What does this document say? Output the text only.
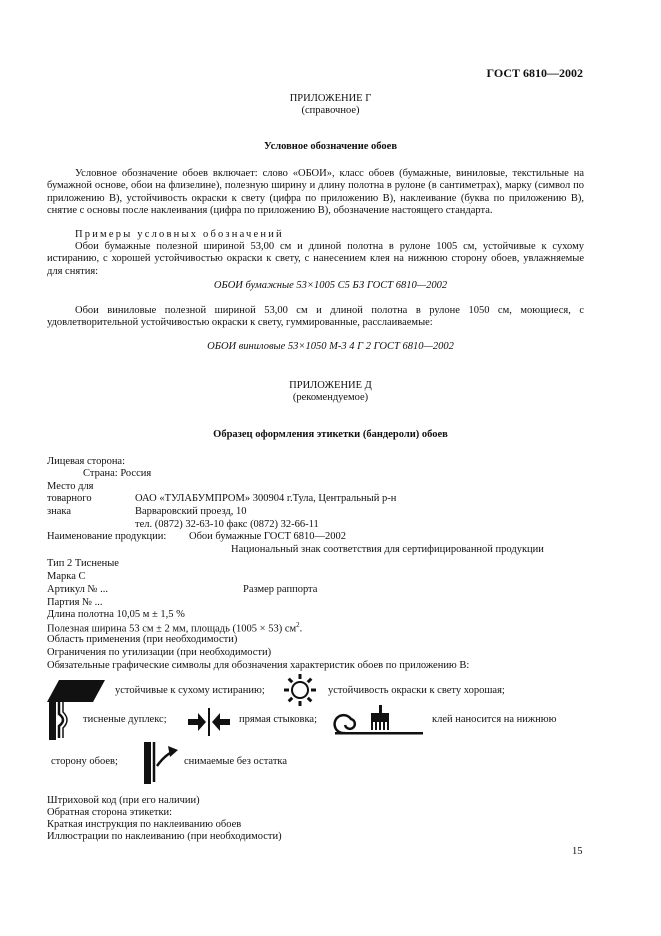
ГОСТ 6810—2002
ПРИЛОЖЕНИЕ Г
(справочное)
Условное обозначение обоев
Условное обозначение обоев включает: слово «ОБОИ», класс обоев (бумажные, виниловые, текстильные на бумажной основе, обои на флизелине), полезную ширину и длину полотна в рулоне (в сантиметрах), марку (символ по приложению В), устойчивость окраски к свету (цифра по приложению В), наклеивание (буква по приложению В), снятие с основы после наклеивания (цифра по приложению В), обозначение настоящего стандарта.
Примеры условных обозначений
Обои бумажные полезной шириной 53,00 см и длиной полотна в рулоне 1005 см, устойчивые к сухому истиранию, с хорошей устойчивостью окраски к свету, с нанесением клея на нижнюю сторону обоев, увлажняемые для снятия:
ОБОИ бумажные 53×1005 С5 БЗ ГОСТ 6810—2002
Обои виниловые полезной шириной 53,00 см и длиной полотна в рулоне 1050 см, моющиеся, с удовлетворительной устойчивостью окраски к свету, гуммированные, расслаиваемые:
ОБОИ виниловые 53×1050 М-3 4 Г 2 ГОСТ 6810—2002
ПРИЛОЖЕНИЕ Д
(рекомендуемое)
Образец оформления этикетки (бандероли) обоев
Лицевая сторона:
Страна: Россия
Место для
товарного	ОАО «ТУЛАБУМПРОМ» 300904 г.Тула, Центральный р-н
знака	Варваровский проезд, 10
тел. (0872) 32-63-10 факс (0872) 32-66-11
Наименование продукции: Обои бумажные ГОСТ 6810—2002
Национальный знак соответствия для сертифицированной продукции
Тип 2 Тисненые
Марка С
Артикул № ...	Размер раппорта
Партия № ...
Длина полотна 10,05 м ± 1,5 %
Полезная ширина 53 см ± 2 мм, площадь (1005 × 53) $см^2$.
Область применения (при необходимости)
Ограничения по утилизации (при необходимости)
Обязательные графические символы для обозначения характеристик обоев по приложению В:
устойчивые к сухому истиранию;	устойчивость окраски к свету хорошая;
тисненые дуплекс;	прямая стыковка;	клей наносится на нижнюю
сторону обоев;	снимаемые без остатка
Штриховой код (при его наличии)
Обратная сторона этикетки:
Краткая инструкция по наклеиванию обоев
Иллюстрации по наклеиванию (при необходимости)
15
